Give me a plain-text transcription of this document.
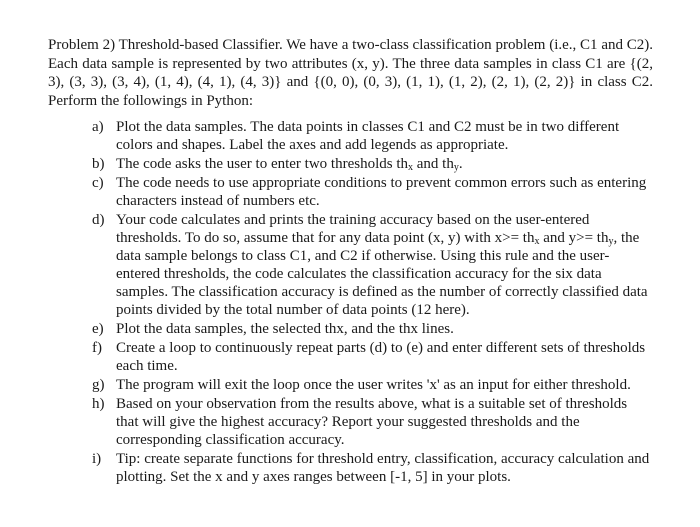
Problem 2) Threshold-based Classifier. We have a two-class classification problem (i.e., C1 and C2). Each data sample is represented by two attributes (x, y). The three data samples in class C1 are {(2, 3), (3, 3), (3, 4), (1, 4), (4, 1), (4, 3)} and {(0, 0), (0, 3), (1, 1), (1, 2), (2, 1), (2, 2)} in class C2. Perform the followings in Python:

a) Plot the data samples. The data points in classes C1 and C2 must be in two different colors and shapes. Label the axes and add legends as appropriate.
b) The code asks the user to enter two thresholds $th_x$ and $th_y$.
c) The code needs to use appropriate conditions to prevent common errors such as entering characters instead of numbers etc.
d) Your code calculates and prints the training accuracy based on the user-entered thresholds. To do so, assume that for any data point (x, y) with $x>= th_x$ and $y>= th_y$, the data sample belongs to class C1, and C2 if otherwise. Using this rule and the user-entered thresholds, the code calculates the classification accuracy for the six data samples. The classification accuracy is defined as the number of correctly classified data points divided by the total number of data points (12 here).
e) Plot the data samples, the selected thx, and the thx lines.
f) Create a loop to continuously repeat parts (d) to (e) and enter different sets of thresholds each time.
g) The program will exit the loop once the user writes 'x' as an input for either threshold.
h) Based on your observation from the results above, what is a suitable set of thresholds that will give the highest accuracy? Report your suggested thresholds and the corresponding classification accuracy.
i) Tip: create separate functions for threshold entry, classification, accuracy calculation and plotting. Set the x and y axes ranges between [-1, 5] in your plots.
